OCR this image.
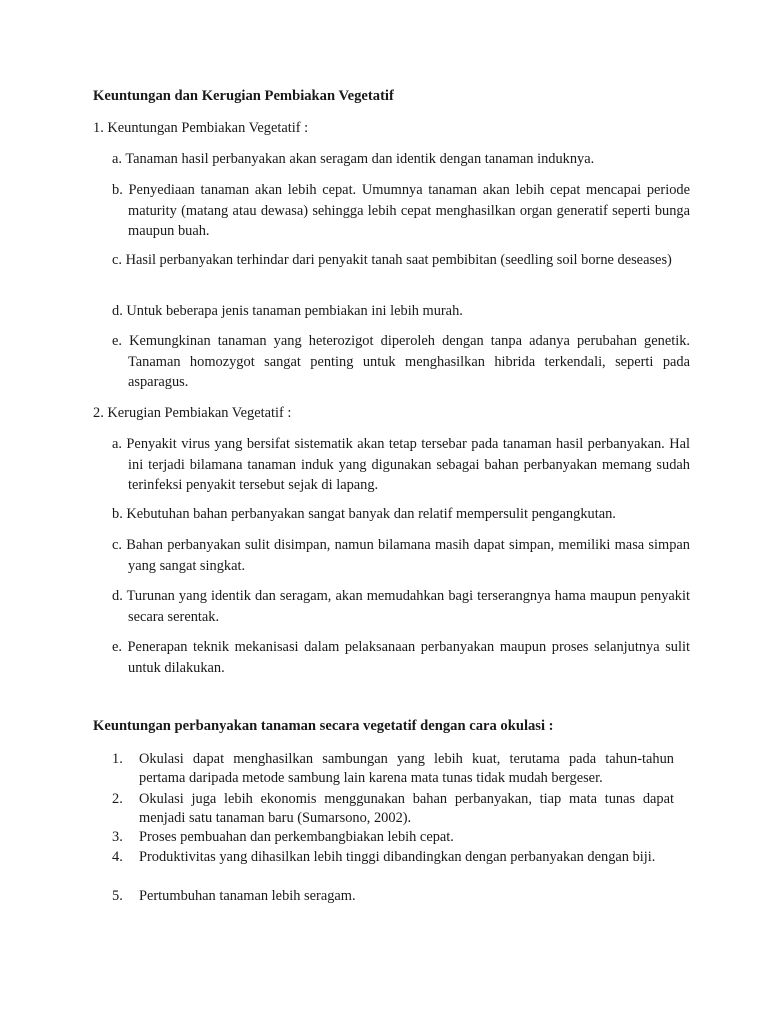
Keuntungan dan Kerugian Pembiakan Vegetatif

1. Keuntungan Pembiakan Vegetatif :

a. Tanaman hasil perbanyakan akan seragam dan identik dengan tanaman induknya.

b. Penyediaan tanaman akan lebih cepat. Umumnya tanaman akan lebih cepat mencapai periode maturity (matang atau dewasa) sehingga lebih cepat menghasilkan organ generatif seperti bunga maupun buah.

c. Hasil perbanyakan terhindar dari penyakit tanah saat pembibitan (seedling soil borne deseases)

d. Untuk beberapa jenis tanaman pembiakan ini lebih murah.

e. Kemungkinan tanaman yang heterozigot diperoleh dengan tanpa adanya perubahan genetik. Tanaman homozygot sangat penting untuk menghasilkan hibrida terkendali, seperti pada asparagus.

2. Kerugian Pembiakan Vegetatif :

a. Penyakit virus yang bersifat sistematik akan tetap tersebar pada tanaman hasil perbanyakan. Hal ini terjadi bilamana tanaman induk yang digunakan sebagai bahan perbanyakan memang sudah terinfeksi penyakit tersebut sejak di lapang.

b. Kebutuhan bahan perbanyakan sangat banyak dan relatif mempersulit pengangkutan.

c. Bahan perbanyakan sulit disimpan, namun bilamana masih dapat simpan, memiliki masa simpan yang sangat singkat.

d. Turunan yang identik dan seragam, akan memudahkan bagi terserangnya hama maupun penyakit secara serentak.

e. Penerapan teknik mekanisasi dalam pelaksanaan perbanyakan maupun proses selanjutnya sulit untuk dilakukan.

Keuntungan perbanyakan tanaman secara vegetatif dengan cara okulasi :

1.	Okulasi dapat menghasilkan sambungan yang lebih kuat, terutama pada tahun-tahun pertama daripada metode sambung lain karena mata tunas tidak mudah bergeser.
2.	Okulasi juga lebih ekonomis menggunakan bahan perbanyakan, tiap mata tunas dapat menjadi satu tanaman baru (Sumarsono, 2002).
3.	Proses pembuahan dan perkembangbiakan lebih cepat.
4.	Produktivitas yang dihasilkan lebih tinggi dibandingkan dengan perbanyakan dengan biji.
5.	Pertumbuhan tanaman lebih seragam.
